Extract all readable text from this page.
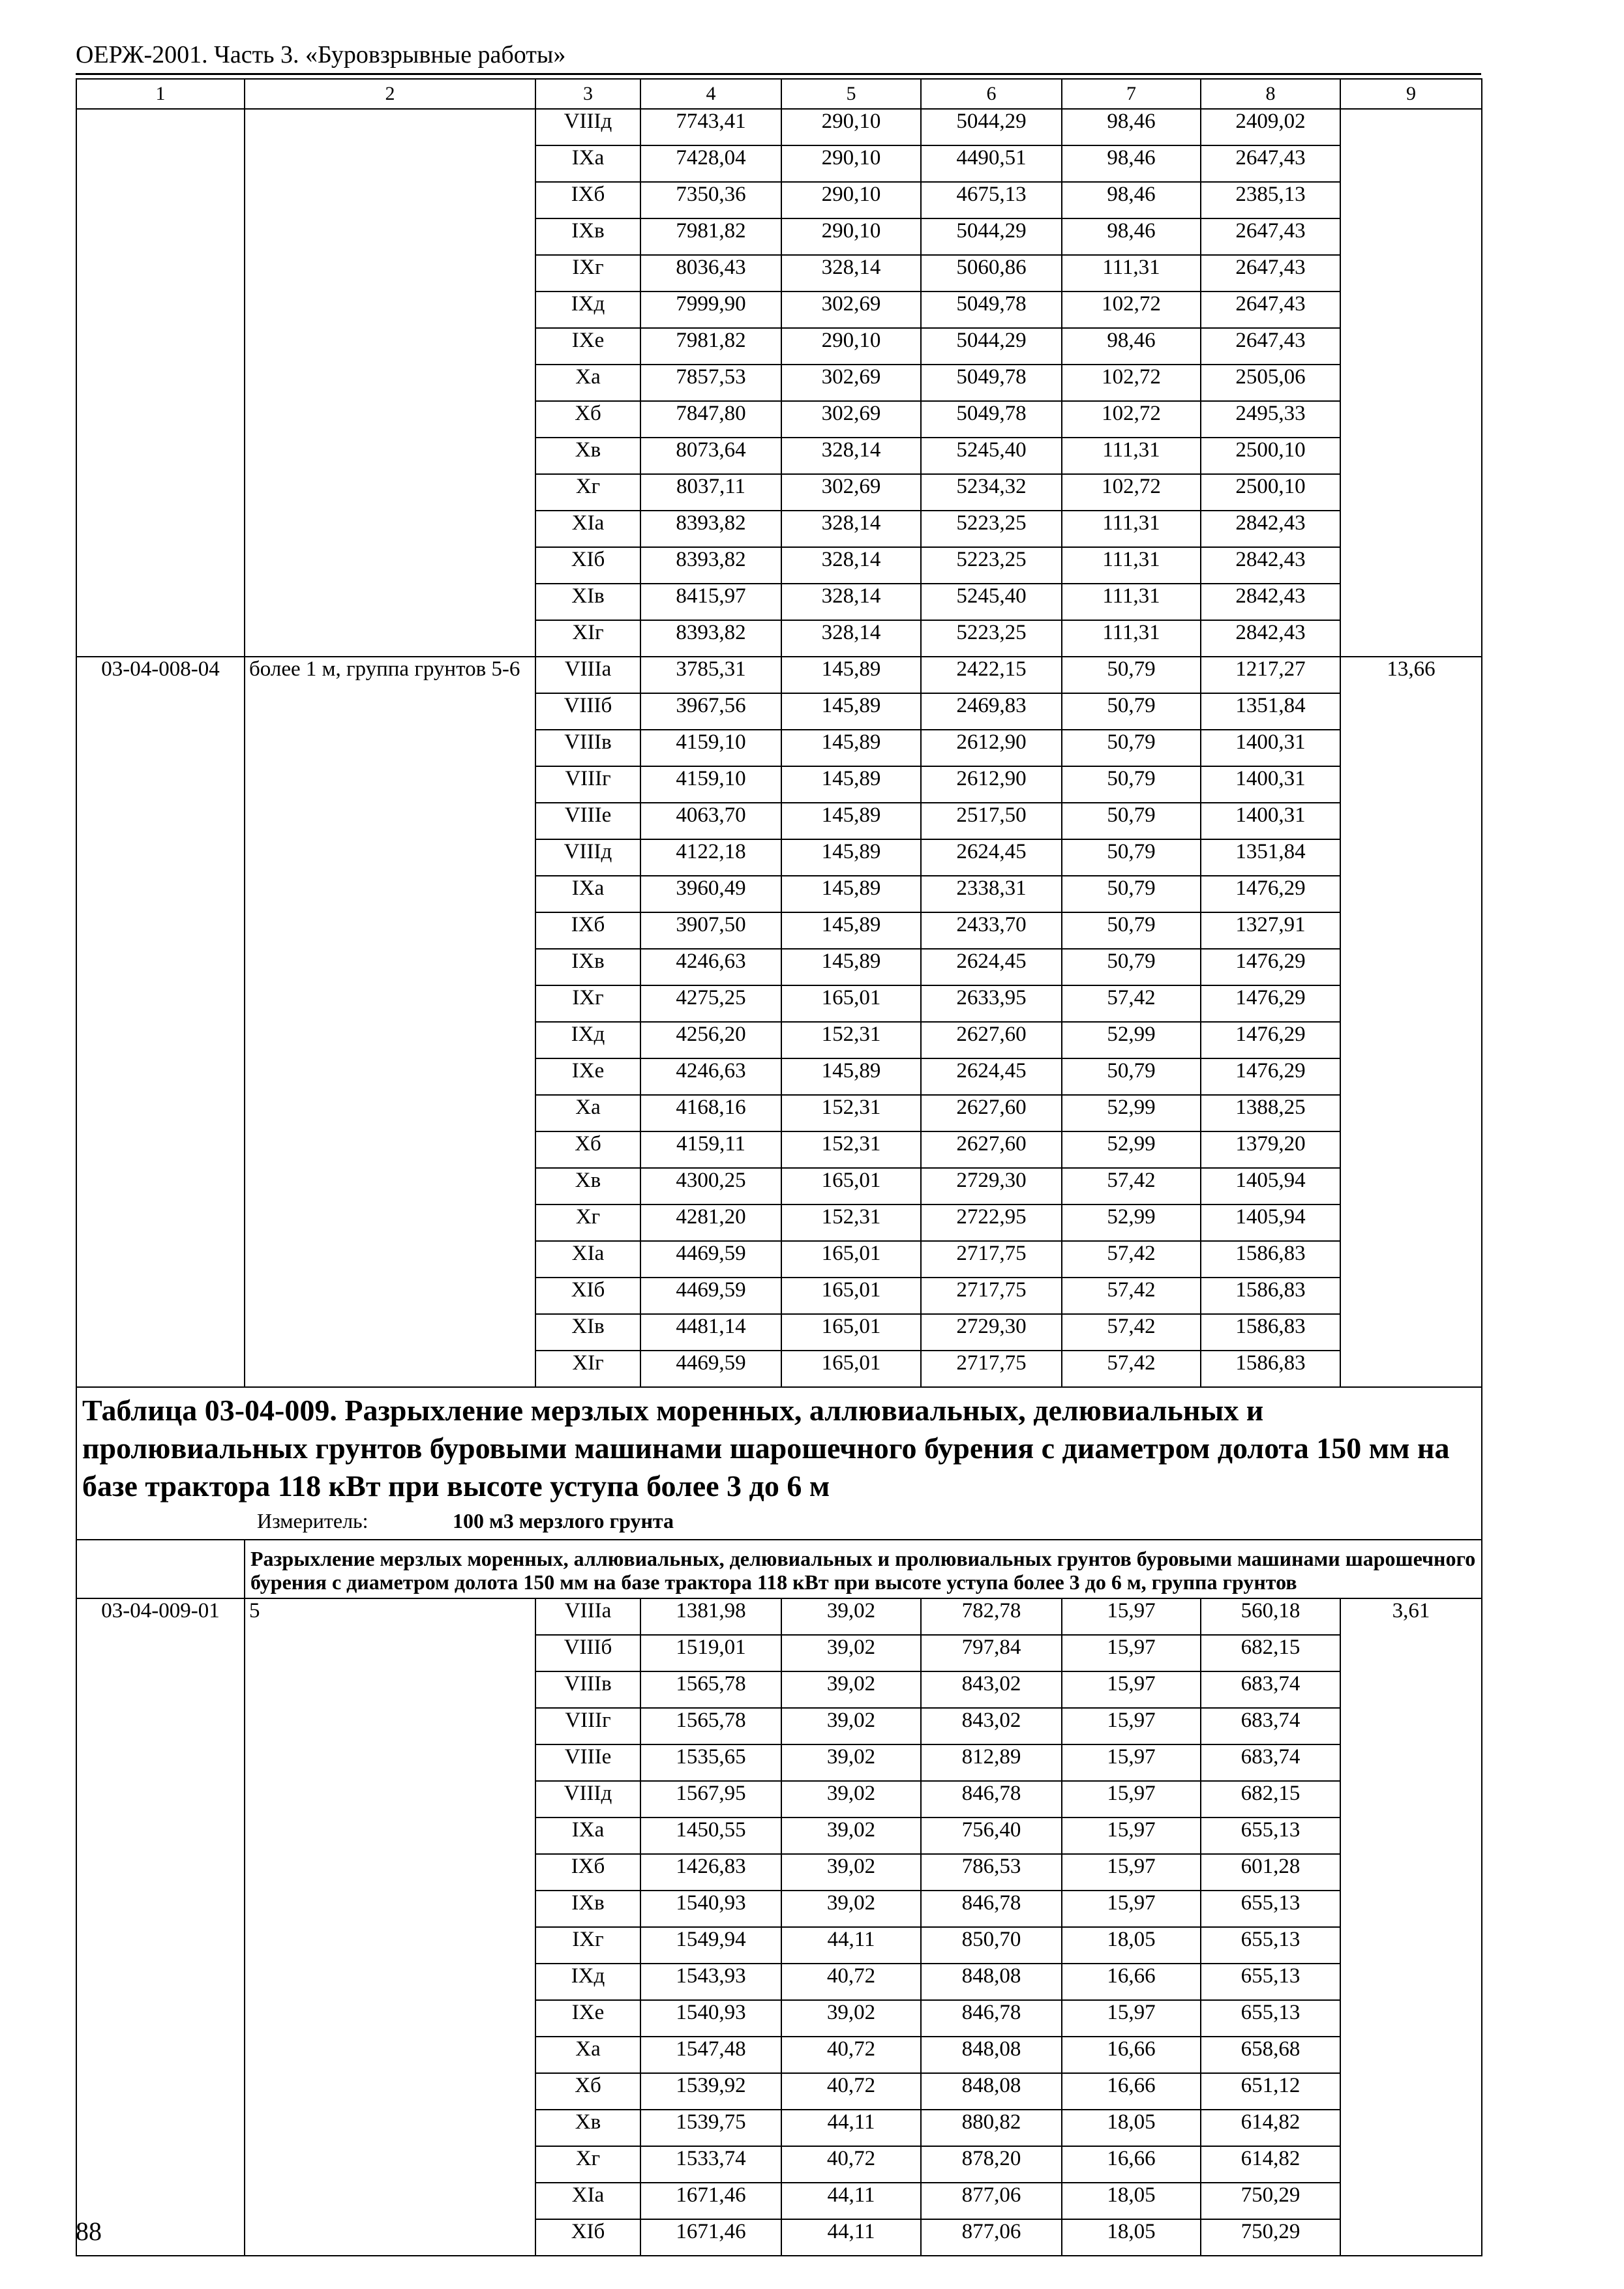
ОЕРЖ-2001. Часть 3. «Буровзрывные работы»
1	2	3	4	5	6	7	8	9
		VIIIд	7743,41	290,10	5044,29	98,46	2409,02	
		IXа	7428,04	290,10	4490,51	98,46	2647,43	
		IXб	7350,36	290,10	4675,13	98,46	2385,13	
		IXв	7981,82	290,10	5044,29	98,46	2647,43	
		IXг	8036,43	328,14	5060,86	111,31	2647,43	
		IXд	7999,90	302,69	5049,78	102,72	2647,43	
		IXе	7981,82	290,10	5044,29	98,46	2647,43	
		Xа	7857,53	302,69	5049,78	102,72	2505,06	
		Xб	7847,80	302,69	5049,78	102,72	2495,33	
		Xв	8073,64	328,14	5245,40	111,31	2500,10	
		Xг	8037,11	302,69	5234,32	102,72	2500,10	
		XIа	8393,82	328,14	5223,25	111,31	2842,43	
		XIб	8393,82	328,14	5223,25	111,31	2842,43	
		XIв	8415,97	328,14	5245,40	111,31	2842,43	
		XIг	8393,82	328,14	5223,25	111,31	2842,43	
03-04-008-04	более 1 м, группа грунтов 5-6	VIIIа	3785,31	145,89	2422,15	50,79	1217,27	13,66
		VIIIб	3967,56	145,89	2469,83	50,79	1351,84	
		VIIIв	4159,10	145,89	2612,90	50,79	1400,31	
		VIIIг	4159,10	145,89	2612,90	50,79	1400,31	
		VIIIе	4063,70	145,89	2517,50	50,79	1400,31	
		VIIIд	4122,18	145,89	2624,45	50,79	1351,84	
		IXа	3960,49	145,89	2338,31	50,79	1476,29	
		IXб	3907,50	145,89	2433,70	50,79	1327,91	
		IXв	4246,63	145,89	2624,45	50,79	1476,29	
		IXг	4275,25	165,01	2633,95	57,42	1476,29	
		IXд	4256,20	152,31	2627,60	52,99	1476,29	
		IXе	4246,63	145,89	2624,45	50,79	1476,29	
		Xа	4168,16	152,31	2627,60	52,99	1388,25	
		Xб	4159,11	152,31	2627,60	52,99	1379,20	
		Xв	4300,25	165,01	2729,30	57,42	1405,94	
		Xг	4281,20	152,31	2722,95	52,99	1405,94	
		XIа	4469,59	165,01	2717,75	57,42	1586,83	
		XIб	4469,59	165,01	2717,75	57,42	1586,83	
		XIв	4481,14	165,01	2729,30	57,42	1586,83	
		XIг	4469,59	165,01	2717,75	57,42	1586,83	

Таблица 03-04-009. Разрыхление мерзлых моренных, аллювиальных, делювиальных и пролювиальных грунтов буровыми машинами шарошечного бурения с диаметром долота 150 мм на базе трактора 118 кВт при высоте уступа более 3 до 6 м
Измеритель: 100 м3 мерзлого грунта								

	Разрыхление мерзлых моренных, аллювиальных, делювиальных и пролювиальных грунтов буровыми машинами шарошечного бурения с диаметром долота 150 мм на базе трактора 118 кВт при высоте уступа более 3 до 6 м, группа грунтов							
03-04-009-01	5	VIIIа	1381,98	39,02	782,78	15,97	560,18	3,61
		VIIIб	1519,01	39,02	797,84	15,97	682,15	
		VIIIв	1565,78	39,02	843,02	15,97	683,74	
		VIIIг	1565,78	39,02	843,02	15,97	683,74	
		VIIIе	1535,65	39,02	812,89	15,97	683,74	
		VIIIд	1567,95	39,02	846,78	15,97	682,15	
		IXа	1450,55	39,02	756,40	15,97	655,13	
		IXб	1426,83	39,02	786,53	15,97	601,28	
		IXв	1540,93	39,02	846,78	15,97	655,13	
		IXг	1549,94	44,11	850,70	18,05	655,13	
		IXд	1543,93	40,72	848,08	16,66	655,13	
		IXе	1540,93	39,02	846,78	15,97	655,13	
		Xа	1547,48	40,72	848,08	16,66	658,68	
		Xб	1539,92	40,72	848,08	16,66	651,12	
		Xв	1539,75	44,11	880,82	18,05	614,82	
		Xг	1533,74	40,72	878,20	16,66	614,82	
		XIа	1671,46	44,11	877,06	18,05	750,29	
		XIб	1671,46	44,11	877,06	18,05	750,29	
88
